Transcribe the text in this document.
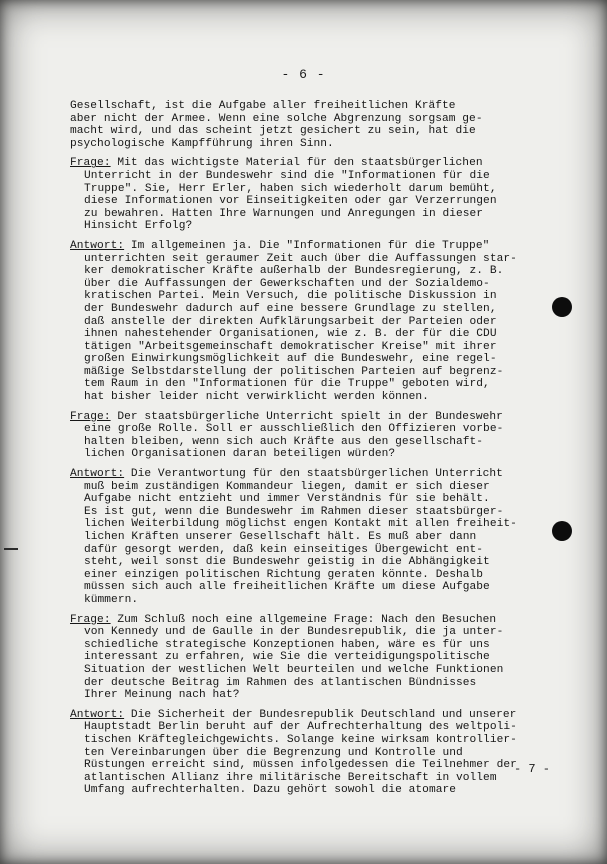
- 6 -
Gesellschaft, ist die Aufgabe aller freiheitlichen Kräfte
aber nicht der Armee. Wenn eine solche Abgrenzung sorgsam ge-
macht wird, und das scheint jetzt gesichert zu sein, hat die
psychologische Kampfführung ihren Sinn.
Frage: Mit das wichtigste Material für den staatsbürgerlichen
Unterricht in der Bundeswehr sind die "Informationen für die
Truppe". Sie, Herr Erler, haben sich wiederholt darum bemüht,
diese Informationen vor Einseitigkeiten oder gar Verzerrungen
zu bewahren. Hatten Ihre Warnungen und Anregungen in dieser
Hinsicht Erfolg?
Antwort: Im allgemeinen ja. Die "Informationen für die Truppe"
unterrichten seit geraumer Zeit auch über die Auffassungen star-
ker demokratischer Kräfte außerhalb der Bundesregierung, z. B.
über die Auffassungen der Gewerkschaften und der Sozialdemo-
kratischen Partei. Mein Versuch, die politische Diskussion in
der Bundeswehr dadurch auf eine bessere Grundlage zu stellen,
daß anstelle der direkten Aufklärungsarbeit der Parteien oder
ihnen nahestehender Organisationen, wie z. B. der für die CDU
tätigen "Arbeitsgemeinschaft demokratischer Kreise" mit ihrer
großen Einwirkungsmöglichkeit auf die Bundeswehr, eine regel-
mäßige Selbstdarstellung der politischen Parteien auf begrenz-
tem Raum in den "Informationen für die Truppe" geboten wird,
hat bisher leider nicht verwirklicht werden können.
Frage: Der staatsbürgerliche Unterricht spielt in der Bundeswehr
eine große Rolle. Soll er ausschließlich den Offizieren vorbe-
halten bleiben, wenn sich auch Kräfte aus den gesellschaft-
lichen Organisationen daran beteiligen würden?
Antwort: Die Verantwortung für den staatsbürgerlichen Unterricht
muß beim zuständigen Kommandeur liegen, damit er sich dieser
Aufgabe nicht entzieht und immer Verständnis für sie behält.
Es ist gut, wenn die Bundeswehr im Rahmen dieser staatsbürger-
lichen Weiterbildung möglichst engen Kontakt mit allen freiheit-
lichen Kräften unserer Gesellschaft hält. Es muß aber dann
dafür gesorgt werden, daß kein einseitiges Übergewicht ent-
steht, weil sonst die Bundeswehr geistig in die Abhängigkeit
einer einzigen politischen Richtung geraten könnte. Deshalb
müssen sich auch alle freiheitlichen Kräfte um diese Aufgabe
kümmern.
Frage: Zum Schluß noch eine allgemeine Frage: Nach den Besuchen
von Kennedy und de Gaulle in der Bundesrepublik, die ja unter-
schiedliche strategische Konzeptionen haben, wäre es für uns
interessant zu erfahren, wie Sie die verteidigungspolitische
Situation der westlichen Welt beurteilen und welche Funktionen
der deutsche Beitrag im Rahmen des atlantischen Bündnisses
Ihrer Meinung nach hat?
Antwort: Die Sicherheit der Bundesrepublik Deutschland und unserer
Hauptstadt Berlin beruht auf der Aufrechterhaltung des weltpoli-
tischen Kräftegleichgewichts. Solange keine wirksam kontrollier-
ten Vereinbarungen über die Begrenzung und Kontrolle und
Rüstungen erreicht sind, müssen infolgedessen die Teilnehmer der
atlantischen Allianz ihre militärische Bereitschaft in vollem
Umfang aufrechterhalten. Dazu gehört sowohl die atomare
- 7 -
